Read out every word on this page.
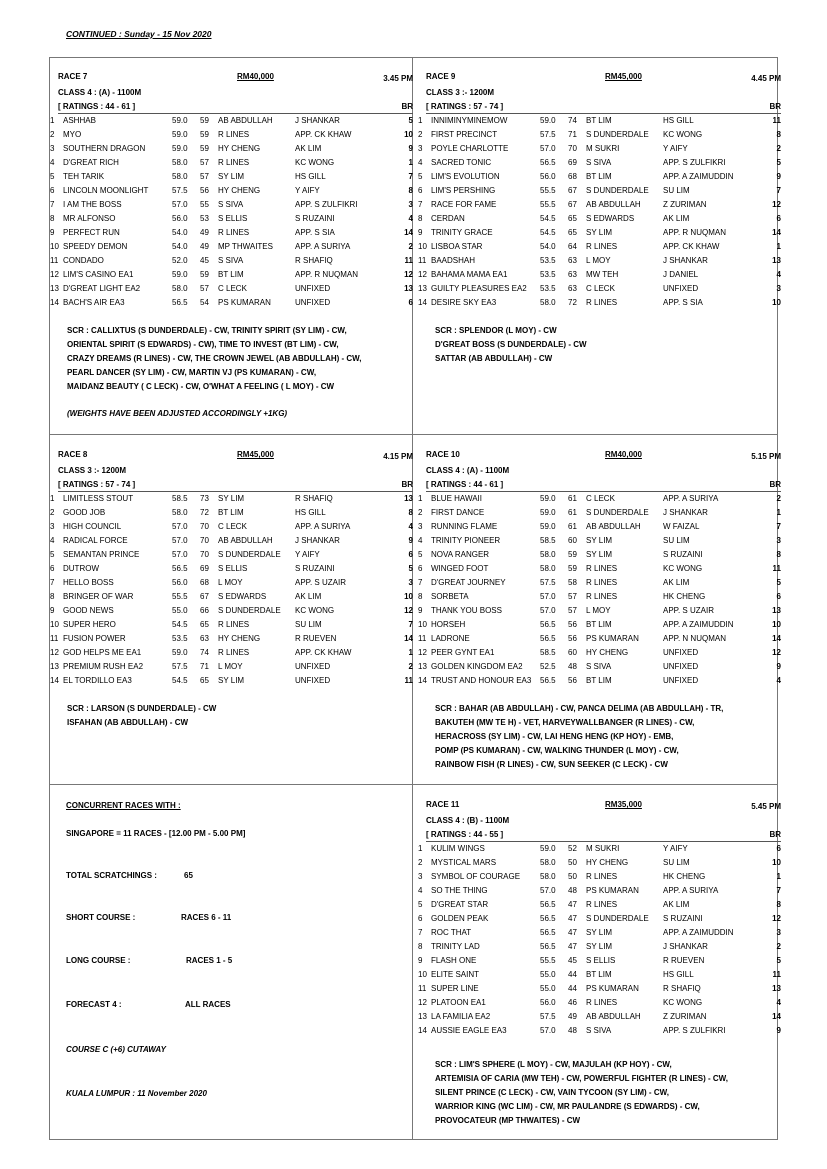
CONTINUED : Sunday - 15 Nov 2020
RACE 7	RM40,000	3.45 PM
CLASS 4 : (A) - 1100M
[ RATINGS : 44 - 61 ]	BR
1	ASHHAB	59.0 59 AB ABDULLAH	J SHANKAR	5
2	MYO	59.0 59 R LINES	APP. CK KHAW	10
3	SOUTHERN DRAGON	59.0 59 HY CHENG	AK LIM	9
4	D'GREAT RICH	58.0 57 R LINES	KC WONG	1
5	TEH TARIK	58.0 57 SY LIM	HS GILL	7
6	LINCOLN MOONLIGHT	57.5 56 HY CHENG	Y AIFY	8
7	I AM THE BOSS	57.0 55 S SIVA	APP. S ZULFIKRI	3
8	MR ALFONSO	56.0 53 S ELLIS	S RUZAINI	4
9	PERFECT RUN	54.0 49 R LINES	APP. S SIA	14
10 SPEEDY DEMON	54.0 49 MP THWAITES	APP. A SURIYA	2
11 CONDADO	52.0 45 S SIVA	R SHAFIQ	11
12 LIM'S CASINO EA1	59.0 59 BT LIM	APP. R NUQMAN	12
13 D'GREAT LIGHT EA2	58.0 57 C LECK	UNFIXED	13
14 BACH'S AIR EA3	56.5 54 PS KUMARAN	UNFIXED	6
SCR : CALLIXTUS (S DUNDERDALE) - CW, TRINITY SPIRIT (SY LIM) - CW,
ORIENTAL SPIRIT (S EDWARDS) - CW), TIME TO INVEST (BT LIM) - CW,
CRAZY DREAMS (R LINES) - CW, THE CROWN JEWEL (AB ABDULLAH) - CW,
PEARL DANCER (SY LIM) - CW, MARTIN VJ (PS KUMARAN) - CW,
MAIDANZ BEAUTY ( C LECK) - CW, O'WHAT A FEELING ( L MOY) - CW
(WEIGHTS HAVE BEEN ADJUSTED ACCORDINGLY +1KG)
RACE 9	RM45,000	4.45 PM
CLASS 3 :- 1200M
[ RATINGS : 57 - 74 ]	BR
1	INNIMINYMINEMOW	59.0 74 BT LIM	HS GILL	11
2	FIRST PRECINCT	57.5 71 S DUNDERDALE KC WONG	8
3	POYLE CHARLOTTE	57.0 70 M SUKRI	Y AIFY	2
4	SACRED TONIC	56.5 69 S SIVA	APP. S ZULFIKRI	5
5	LIM'S EVOLUTION	56.0 68 BT LIM	APP. A ZAIMUDDIN	9
6	LIM'S PERSHING	55.5 67 S DUNDERDALE SU LIM	7
7	RACE FOR FAME	55.5 67 AB ABDULLAH	Z ZURIMAN	12
8	CERDAN	54.5 65 S EDWARDS	AK LIM	6
9	TRINITY GRACE	54.5 65 SY LIM	APP. R NUQMAN	14
10 LISBOA STAR	54.0 64 R LINES	APP. CK KHAW	1
11 BAADSHAH	53.5 63 L MOY	J SHANKAR	13
12 BAHAMA MAMA EA1	53.5 63 MW TEH	J DANIEL	4
13 GUILTY PLEASURES EA2 53.5 63 C LECK	UNFIXED	3
14 DESIRE SKY EA3	58.0 72 R LINES	APP. S SIA	10
SCR : SPLENDOR (L MOY) - CW
D'GREAT BOSS (S DUNDERDALE) - CW
SATTAR (AB ABDULLAH) - CW
RACE 8	RM45,000	4.15 PM
CLASS 3 :- 1200M
[ RATINGS : 57 - 74 ]	BR
1	LIMITLESS STOUT	58.5 73 SY LIM	R SHAFIQ	13
2	GOOD JOB	58.0 72 BT LIM	HS GILL	8
3	HIGH COUNCIL	57.0 70 C LECK	APP. A SURIYA	4
4	RADICAL FORCE	57.0 70 AB ABDULLAH	J SHANKAR	9
5	SEMANTAN PRINCE	57.0 70 S DUNDERDALE Y AIFY	6
6	DUTROW	56.5 69 S ELLIS	S RUZAINI	5
7	HELLO BOSS	56.0 68 L MOY	APP. S UZAIR	3
8	BRINGER OF WAR	55.5 67 S EDWARDS	AK LIM	10
9	GOOD NEWS	55.0 66 S DUNDERDALE KC WONG	12
10 SUPER HERO	54.5 65 R LINES	SU LIM	7
11 FUSION POWER	53.5 63 HY CHENG	R RUEVEN	14
12 GOD HELPS ME EA1	59.0 74 R LINES	APP. CK KHAW	1
13 PREMIUM RUSH EA2	57.5 71 L MOY	UNFIXED	2
14 EL TORDILLO EA3	54.5 65 SY LIM	UNFIXED	11
SCR : LARSON (S DUNDERDALE) - CW
ISFAHAN (AB ABDULLAH) - CW
RACE 10	RM40,000	5.15 PM
CLASS 4 : (A) - 1100M
[ RATINGS : 44 - 61 ]	BR
1	BLUE HAWAII	59.0 61 C LECK	APP. A SURIYA	2
2	FIRST DANCE	59.0 61 S DUNDERDALE J SHANKAR	1
3	RUNNING FLAME	59.0 61 AB ABDULLAH	W FAIZAL	7
4	TRINITY PIONEER	58.5 60 SY LIM	SU LIM	3
5	NOVA RANGER	58.0 59 SY LIM	S RUZAINI	8
6	WINGED FOOT	58.0 59 R LINES	KC WONG	11
7	D'GREAT JOURNEY	57.5 58 R LINES	AK LIM	5
8	SORBETA	57.0 57 R LINES	HK CHENG	6
9	THANK YOU BOSS	57.0 57 L MOY	APP. S UZAIR	13
10 HORSEH	56.5 56 BT LIM	APP. A ZAIMUDDIN	10
11 LADRONE	56.5 56 PS KUMARAN	APP. N NUQMAN	14
12 PEER GYNT EA1	58.5 60 HY CHENG	UNFIXED	12
13 GOLDEN KINGDOM EA2 52.5 48 S SIVA	UNFIXED	9
14 TRUST AND HONOUR EA3 56.5 56 BT LIM	UNFIXED	4
SCR : BAHAR (AB ABDULLAH) - CW, PANCA DELIMA (AB ABDULLAH) - TR,
BAKUTEH (MW TE H) - VET, HARVEYWALLBANGER (R LINES) - CW,
HERACROSS (SY LIM) - CW, LAI HENG HENG (KP HOY) - EMB,
POMP (PS KUMARAN) - CW, WALKING THUNDER (L MOY) - CW,
RAINBOW FISH (R LINES) - CW, SUN SEEKER (C LECK) - CW
RACE 11	RM35,000	5.45 PM
CLASS 4 : (B) - 1100M
[ RATINGS : 44 - 55 ]	BR
1	KULIM WINGS	59.0 52 M SUKRI	Y AIFY	6
2	MYSTICAL MARS	58.0 50 HY CHENG	SU LIM	10
3	SYMBOL OF COURAGE 58.0 50 R LINES	HK CHENG	1
4	SO THE THING	57.0 48 PS KUMARAN	APP. A SURIYA	7
5	D'GREAT STAR	56.5 47 R LINES	AK LIM	8
6	GOLDEN PEAK	56.5 47 S DUNDERDALE S RUZAINI	12
7	ROC THAT	56.5 47 SY LIM	APP. A ZAIMUDDIN	3
8	TRINITY LAD	56.5 47 SY LIM	J SHANKAR	2
9	FLASH ONE	55.5 45 S ELLIS	R RUEVEN	5
10 ELITE SAINT	55.0 44 BT LIM	HS GILL	11
11 SUPER LINE	55.0 44 PS KUMARAN	R SHAFIQ	13
12 PLATOON EA1	56.0 46 R LINES	KC WONG	4
13 LA FAMILIA EA2	57.5 49 AB ABDULLAH	Z ZURIMAN	14
14 AUSSIE EAGLE EA3	57.0 48 S SIVA	APP. S ZULFIKRI	9
SCR : LIM'S SPHERE (L MOY) - CW, MAJULAH (KP HOY) - CW,
ARTEMISIA OF CARIA (MW TEH) - CW, POWERFUL FIGHTER (R LINES) - CW,
SILENT PRINCE (C LECK) - CW, VAIN TYCOON (SY LIM) - CW,
WARRIOR KING (WC LIM) - CW, MR PAULANDRE (S EDWARDS) - CW,
PROVOCATEUR (MP THWAITES) - CW
CONCURRENT RACES WITH :
SINGAPORE = 11 RACES - [12.00 PM - 5.00 PM]
TOTAL SCRATCHINGS :	65
SHORT COURSE :	RACES 6 - 11
LONG COURSE :	RACES 1 - 5
FORECAST 4 :	ALL RACES
COURSE C (+6) CUTAWAY
KUALA LUMPUR : 11 November 2020
